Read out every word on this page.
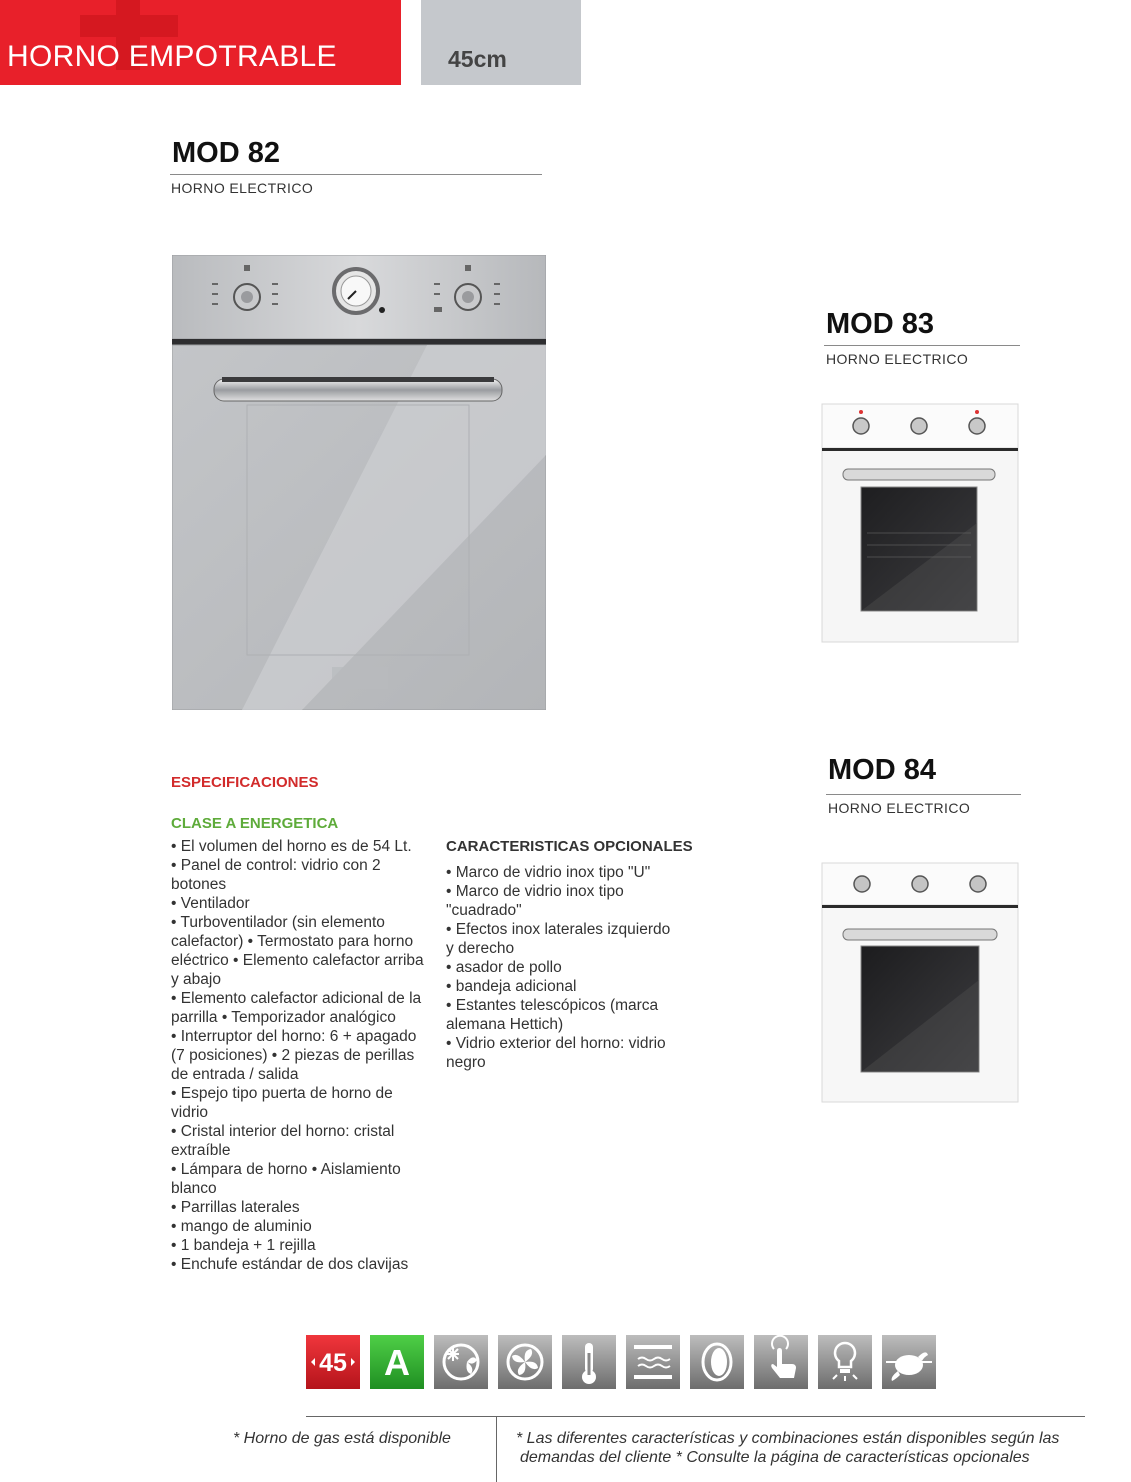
HORNO EMPOTRABLE	45cm
MOD 82
HORNO ELECTRICO
MOD 83
HORNO ELECTRICO
MOD 84
HORNO ELECTRICO
ESPECIFICACIONES
CLASE A ENERGETICA
• El volumen del horno es de 54 Lt.
• Panel de control: vidrio con 2 botones
• Ventilador
• Turboventilador (sin elemento calefactor) • Termostato para horno eléctrico • Elemento calefactor arriba y abajo
• Elemento calefactor adicional de la parrilla • Temporizador analógico
• Interruptor del horno: 6 + apagado (7 posiciones) • 2 piezas de perillas de entrada / salida
• Espejo tipo puerta de horno de vidrio
• Cristal interior del horno: cristal extraíble
• Lámpara de horno • Aislamiento blanco
• Parrillas laterales
• mango de aluminio
• 1 bandeja + 1 rejilla
• Enchufe estándar de dos clavijas
CARACTERISTICAS OPCIONALES
• Marco de vidrio inox tipo "U"
• Marco de vidrio inox tipo "cuadrado"
• Efectos inox laterales izquierdo y derecho
• asador de pollo
• bandeja adicional
• Estantes telescópicos (marca alemana Hettich)
• Vidrio exterior del horno: vidrio negro
45 A
* Horno de gas está disponible	* Las diferentes características y combinaciones están disponibles según las
demandas del cliente * Consulte la página de características opcionales
